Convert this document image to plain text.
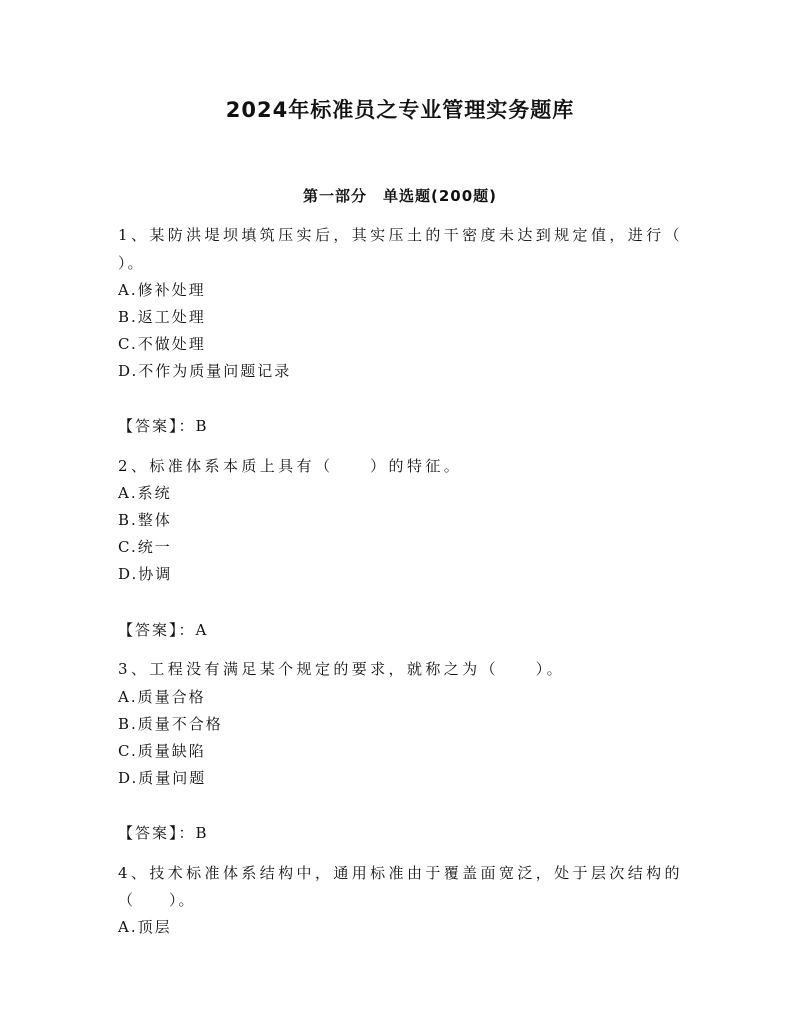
2024年标准员之专业管理实务题库
第一部分　单选题(200题)
1、某防洪堤坝填筑压实后，其实压土的干密度未达到规定值，进行（
）。
A.修补处理
B.返工处理
C.不做处理
D.不作为质量问题记录
【答案】：B
2、标准体系本质上具有（　　）的特征。
A.系统
B.整体
C.统一
D.协调
【答案】：A
3、工程没有满足某个规定的要求，就称之为（　　）。
A.质量合格
B.质量不合格
C.质量缺陷
D.质量问题
【答案】：B
4、技术标准体系结构中，通用标准由于覆盖面宽泛，处于层次结构的
（　　）。
A.顶层
